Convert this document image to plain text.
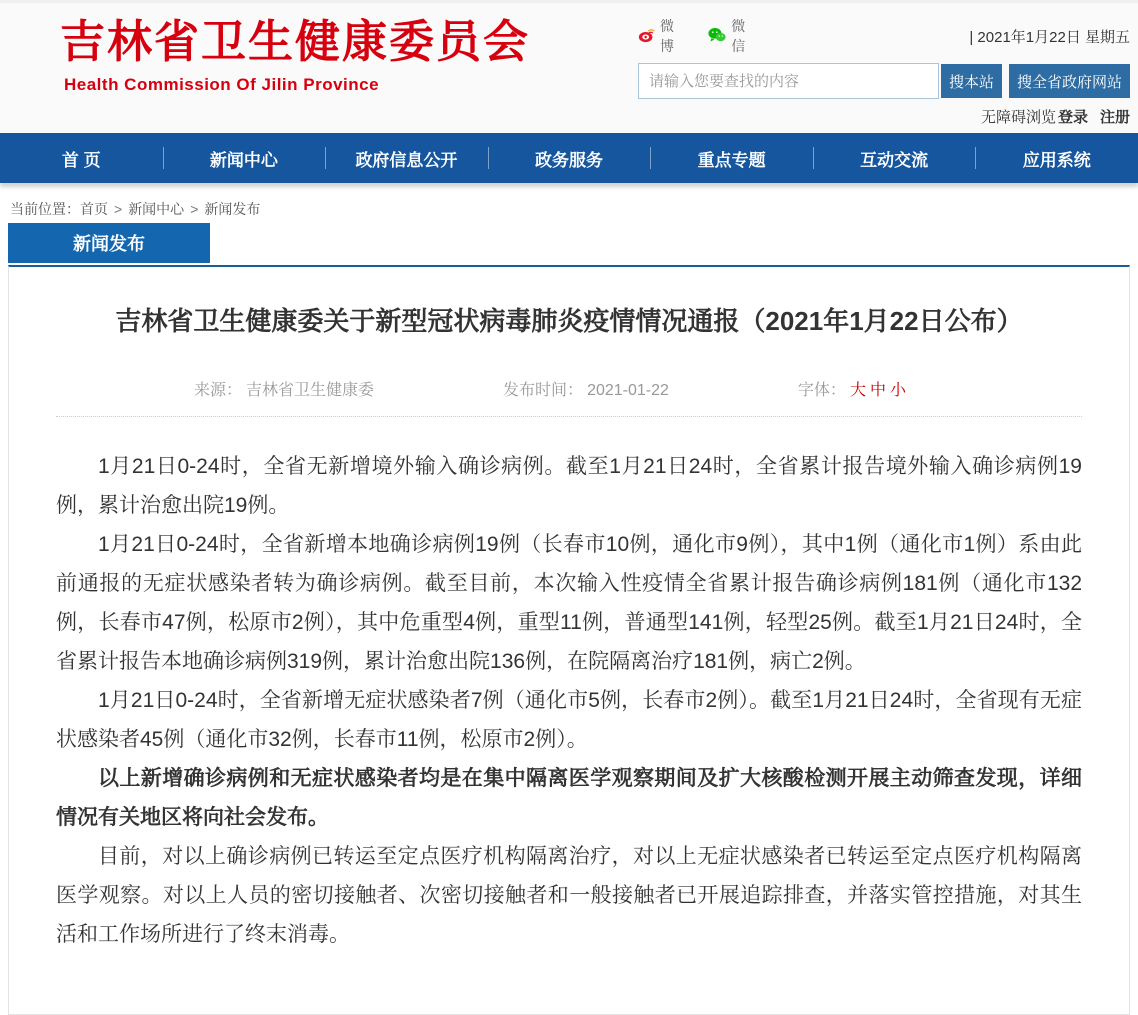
吉林省卫生健康委员会
Health Commission Of Jilin Province
微博
微信
| 2021年1月22日 星期五
请输入您要查找的内容
搜本站	搜全省政府网站
无障碍浏览 登录 注册
首 页	新闻中心	政府信息公开	政务服务	重点专题	互动交流	应用系统
当前位置：首页 > 新闻中心 > 新闻发布
新闻发布
吉林省卫生健康委关于新型冠状病毒肺炎疫情情况通报（2021年1月22日公布）
来源： 吉林省卫生健康委	发布时间： 2021-01-22	字体： 大 中 小

1月21日0-24时，全省无新增境外输入确诊病例。截至1月21日24时，全省累计报告境外输入确诊病例19例，累计治愈出院19例。

1月21日0-24时，全省新增本地确诊病例19例（长春市10例，通化市9例），其中1例（通化市1例）系由此前通报的无症状感染者转为确诊病例。截至目前，本次输入性疫情全省累计报告确诊病例181例（通化市132例，长春市47例，松原市2例），其中危重型4例，重型11例，普通型141例，轻型25例。截至1月21日24时，全省累计报告本地确诊病例319例，累计治愈出院136例，在院隔离治疗181例，病亡2例。

1月21日0-24时，全省新增无症状感染者7例（通化市5例，长春市2例）。截至1月21日24时，全省现有无症状感染者45例（通化市32例，长春市11例，松原市2例）。

以上新增确诊病例和无症状感染者均是在集中隔离医学观察期间及扩大核酸检测开展主动筛查发现，详细情况有关地区将向社会发布。

目前，对以上确诊病例已转运至定点医疗机构隔离治疗，对以上无症状感染者已转运至定点医疗机构隔离医学观察。对以上人员的密切接触者、次密切接触者和一般接触者已开展追踪排查，并落实管控措施，对其生活和工作场所进行了终末消毒。
